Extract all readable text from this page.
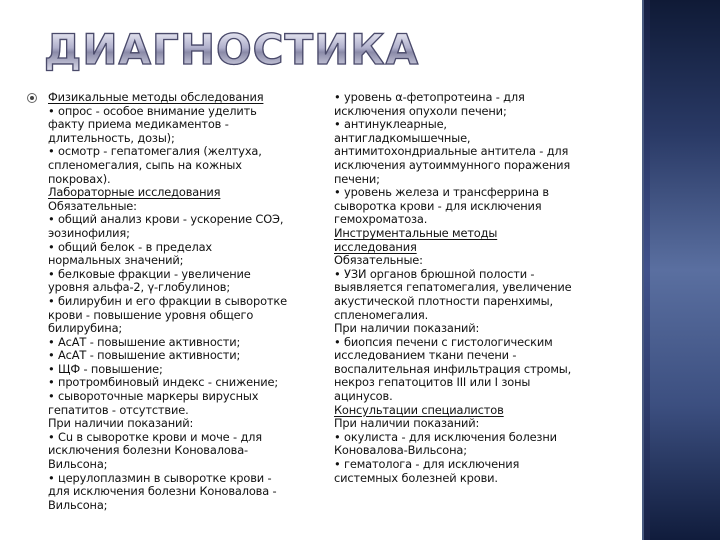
ДИАГНОСТИКА
Физикальные методы обследования
• опрос - особое внимание уделить
факту приема медикаментов -
длительность, дозы);
• осмотр - гепатомегалия (желтуха,
спленомегалия, сыпь на кожных
покровах).
Лабораторные исследования
Обязательные:
• общий анализ крови - ускорение СОЭ,
эозинофилия;
• общий белок - в пределах
нормальных значений;
• белковые фракции - увеличение
уровня альфа-2, γ-глобулинов;
• билирубин и его фракции в сыворотке
крови - повышение уровня общего
билирубина;
• АсАТ - повышение активности;
• АсАТ - повышение активности;
• ЩФ - повышение;
• протромбиновый индекс - снижение;
• сывороточные маркеры вирусных
гепатитов - отсутствие.
При наличии показаний:
• Cu в сыворотке крови и моче - для
исключения болезни Коновалова-
Вильсона;
• церулоплазмин в сыворотке крови -
для исключения болезни Коновалова -
Вильсона;
• уровень α-фетопротеина - для
исключения опухоли печени;
• антинуклеарные,
антигладкомышечные,
антимитохондриальные антитела - для
исключения аутоиммунного поражения
печени;
• уровень железа и трансферрина в
сыворотка крови - для исключения
гемохроматоза.
Инструментальные методы
исследования
Обязательные:
• УЗИ органов брюшной полости -
выявляется гепатомегалия, увеличение
акустической плотности паренхимы,
спленомегалия.
При наличии показаний:
• биопсия печени с гистологическим
исследованием ткани печени -
воспалительная инфильтрация стромы,
некроз гепатоцитов III или I зоны
ацинусов.
Консультации специалистов
При наличии показаний:
• окулиста - для исключения болезни
Коновалова-Вильсона;
• гематолога - для исключения
системных болезней крови.
